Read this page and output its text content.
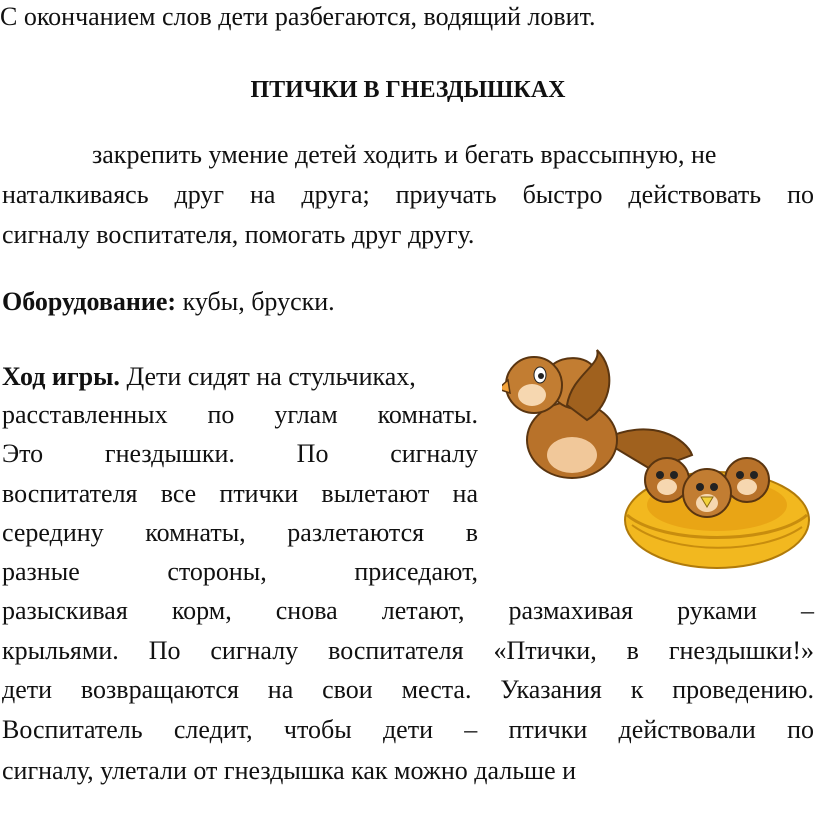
С окончанием слов дети разбегаются, водящий ловит.
ПТИЧКИ В ГНЕЗДЫШКАХ
закрепить умение детей ходить и бегать врассыпную, не
наталкиваясь друг на друга; приучать быстро действовать по
сигналу воспитателя, помогать друг другу.
Оборудование: кубы, бруски.
Ход игры. Дети сидят на стульчиках,
расставленных по углам комнаты.
Это гнездышки. По сигналу
воспитателя все птички вылетают на
середину комнаты, разлетаются в
разные стороны, приседают,
разыскивая корм, снова летают, размахивая руками –
крыльями. По сигналу воспитателя «Птички, в гнездышки!»
дети возвращаются на свои места. Указания к проведению.
Воспитатель следит, чтобы дети – птички действовали по
сигналу, улетали от гнездышка как можно дальше и
